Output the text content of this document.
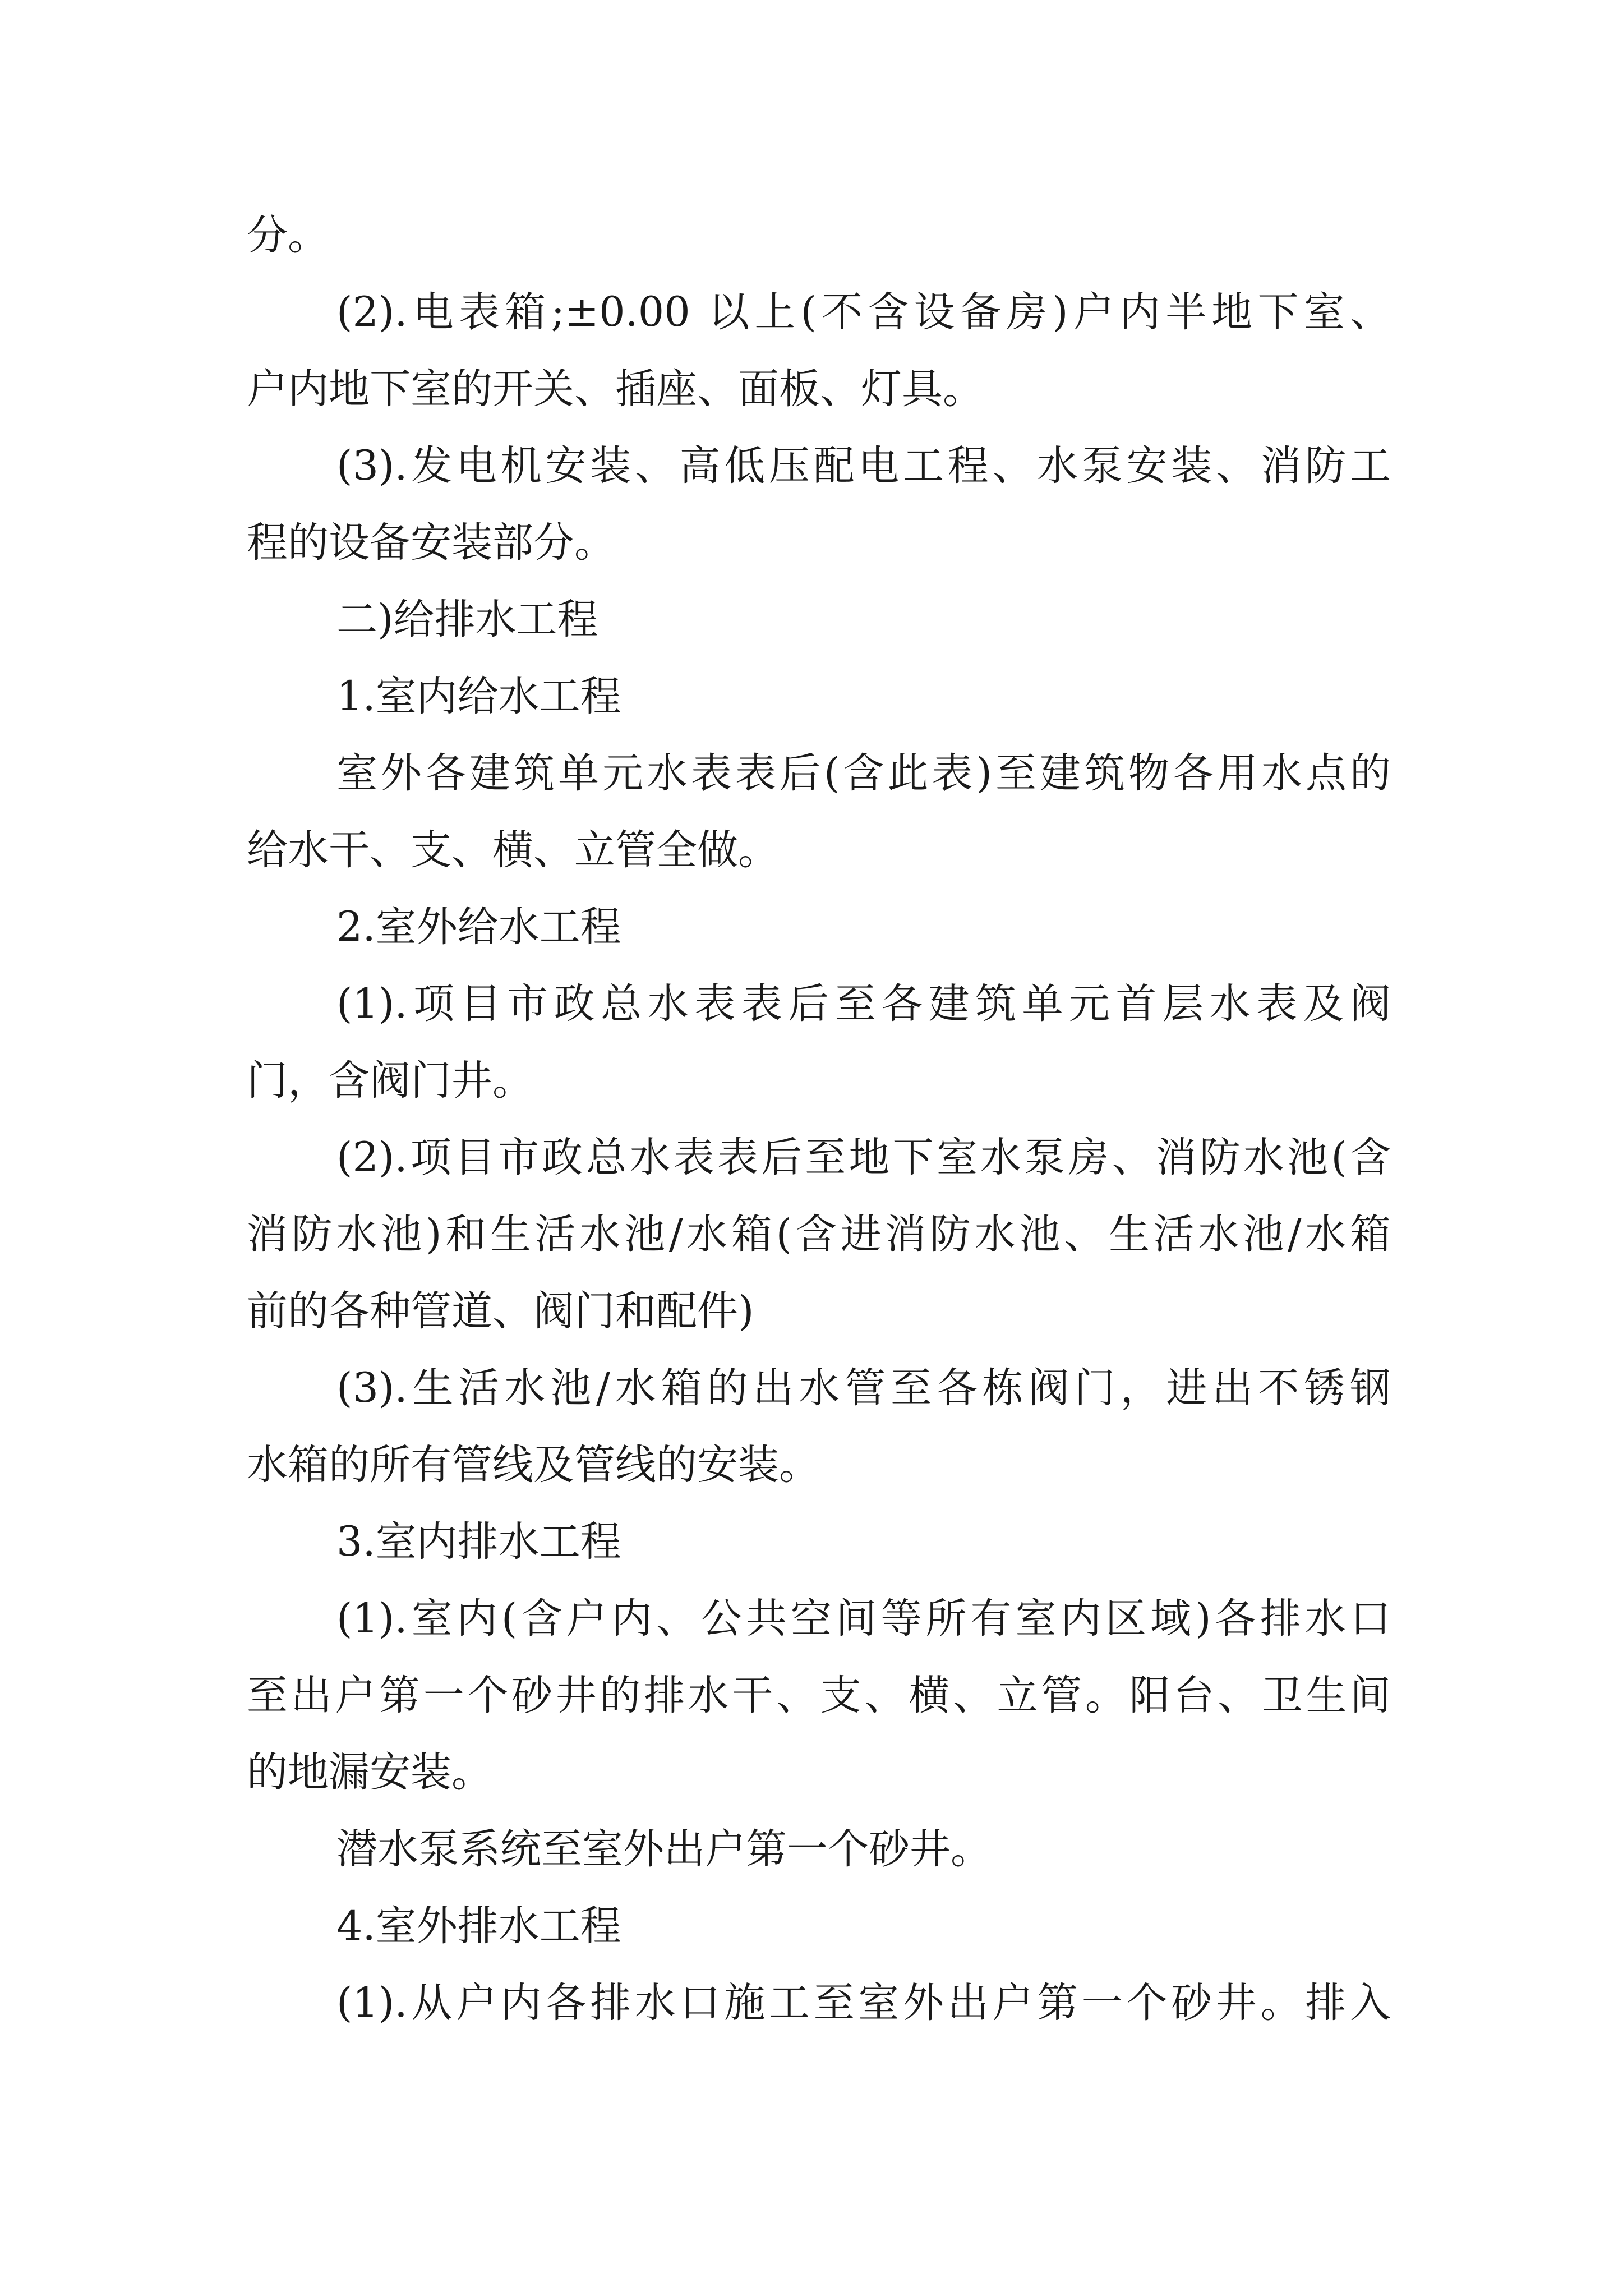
分。
(2).电表箱;±0.00 以上(不含设备房)户内半地下室、
户内地下室的开关、插座、面板、灯具。
(3).发电机安装、高低压配电工程、水泵安装、消防工
程的设备安装部分。
二)给排水工程
1.室内给水工程
室外各建筑单元水表表后(含此表)至建筑物各用水点的
给水干、支、横、立管全做。
2.室外给水工程
(1).项目市政总水表表后至各建筑单元首层水表及阀
门，含阀门井。
(2).项目市政总水表表后至地下室水泵房、消防水池(含
消防水池)和生活水池/水箱(含进消防水池、生活水池/水箱
前的各种管道、阀门和配件)
(3).生活水池/水箱的出水管至各栋阀门，进出不锈钢
水箱的所有管线及管线的安装。
3.室内排水工程
(1).室内(含户内、公共空间等所有室内区域)各排水口
至出户第一个砂井的排水干、支、横、立管。阳台、卫生间
的地漏安装。
潜水泵系统至室外出户第一个砂井。
4.室外排水工程
(1).从户内各排水口施工至室外出户第一个砂井。排入
